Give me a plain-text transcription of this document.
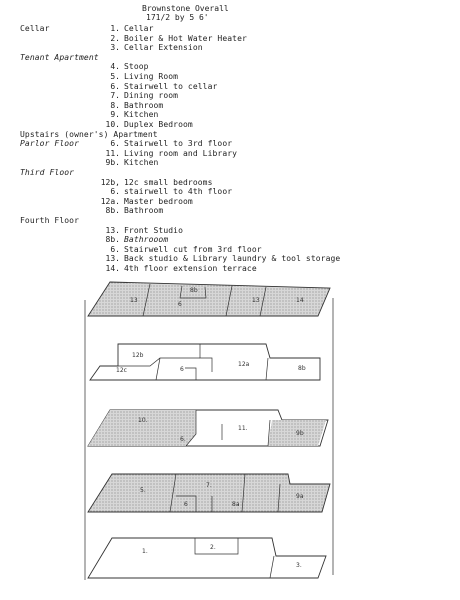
Brownstone Overall
171/2 by 5 6'
Cellar	1. Cellar
2. Boiler & Hot Water Heater
3. Cellar Extension
Tenant Apartment
4. Stoop
5. Living Room
6. Stairwell to cellar
7. Dining room
8. Bathroom
9. Kitchen
10. Duplex Bedroom
Upstairs (owner's) Apartment
Parlor Floor	6. Stairwell to 3rd floor
11. Living room and Library
9b. Kitchen
Third Floor
12b, 12c small bedrooms
6. stairwell to 4th floor
12a. Master bedroom
8b. Bathroom
Fourth Floor
13. Front Studio
8b. Bathrooom
6. Stairwell cut from 3rd floor
13. Back studio & Library laundry & tool storage
14. 4th floor extension terrace
13
6
8b
13	14
12b
12c	6
12a
8b
10.
6.
11.
9b
5.
7.
6	8a
9a
1.
2.
3.
